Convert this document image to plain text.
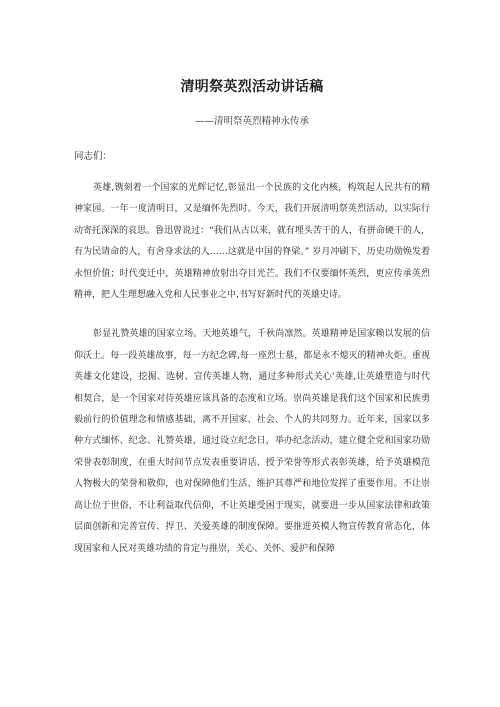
清明祭英烈活动讲话稿

——清明祭英烈精神永传承

同志们：

英雄,镌刻着一个国家的光辉记忆,彰显出一个民族的文化内核，构筑起人民共有的精神家园。一年一度清明日，又是缅怀先烈时。今天，我们开展清明祭英烈活动，以实际行动寄托深深的哀思。鲁迅曾说过：“我们从古以来，就有埋头苦干的人，有拼命硬干的人，有为民请命的人，有舍身求法的人……这就是中国的脊梁。” 岁月冲刷下，历史功勋焕发着永恒价值；时代变迁中，英雄精神放射出夺目光芒。我们不仅要缅怀英烈，更应传承英烈精神，把人生理想融入党和人民事业之中,书写好新时代的英雄史诗。

彰显礼赞英雄的国家立场。天地英雄气，千秋尚凛然。英雄精神是国家赖以发展的信仰沃土。每一段英雄故事，每一方纪念碑,每一座烈士墓，都是永不熄灭的精神火炬。重视英雄文化建设，挖掘、选树、宣传英雄人物，通过多种形式关心‘英雄,让英雄塑造与时代相契合，是一个国家对待英雄应该具备的态度和立场。崇尚英雄是我们这个国家和民族勇毅前行的价值理念和情感基础，离不开国家、社会、个人的共同努力。近年来，国家以多种方式缅怀、纪念、礼赞英雄，通过设立纪念日，举办纪念活动，建立健全党和国家功勋荣誉表彰制度，在重大时间节点发表重要讲话、授予荣誉等形式表彰英雄，给予英雄模范人物极大的荣誉和敬仰，也对保障他们生活、维护其尊严和地位发挥了重要作用。不让崇高让位于世俗，不让利益取代信仰，不让英雄受困于现实，就要进一步从国家法律和政策层面创新和完善宣传、捍卫、关爱英雄的制度保障。要推进英模人物宣传教育常态化，体现国家和人民对英雄功绩的肯定与推崇，关心、关怀、爱护和保障
